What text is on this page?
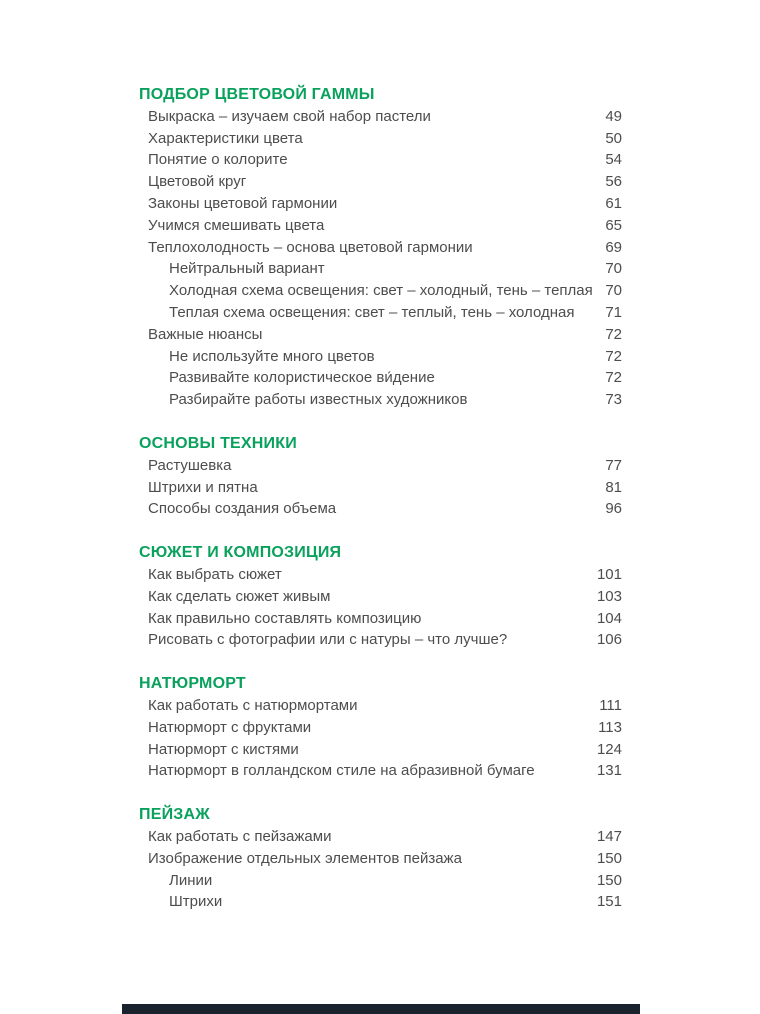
ПОДБОР ЦВЕТОВОЙ ГАММЫ
Выкраска – изучаем свой набор пастели	49
Характеристики цвета	50
Понятие о колорите	54
Цветовой круг	56
Законы цветовой гармонии	61
Учимся смешивать цвета	65
Теплохолодность – основа цветовой гармонии	69
Нейтральный вариант	70
Холодная схема освещения: свет – холодный, тень – теплая 70
Теплая схема освещения: свет – теплый, тень – холодная	71
Важные нюансы	72
Не используйте много цветов	72
Развивайте колористическое ви́дение	72
Разбирайте работы известных художников	73
ОСНОВЫ ТЕХНИКИ
Растушевка	77
Штрихи и пятна	81
Способы создания объема	96
СЮЖЕТ И КОМПОЗИЦИЯ
Как выбрать сюжет	101
Как сделать сюжет живым	103
Как правильно составлять композицию	104
Рисовать с фотографии или с натуры – что лучше?	106
НАТЮРМОРТ
Как работать с натюрмортами	111
Натюрморт с фруктами	113
Натюрморт с кистями	124
Натюрморт в голландском стиле на абразивной бумаге	131
ПЕЙЗАЖ
Как работать с пейзажами	147
Изображение отдельных элементов пейзажа	150
Линии	150
Штрихи	151
